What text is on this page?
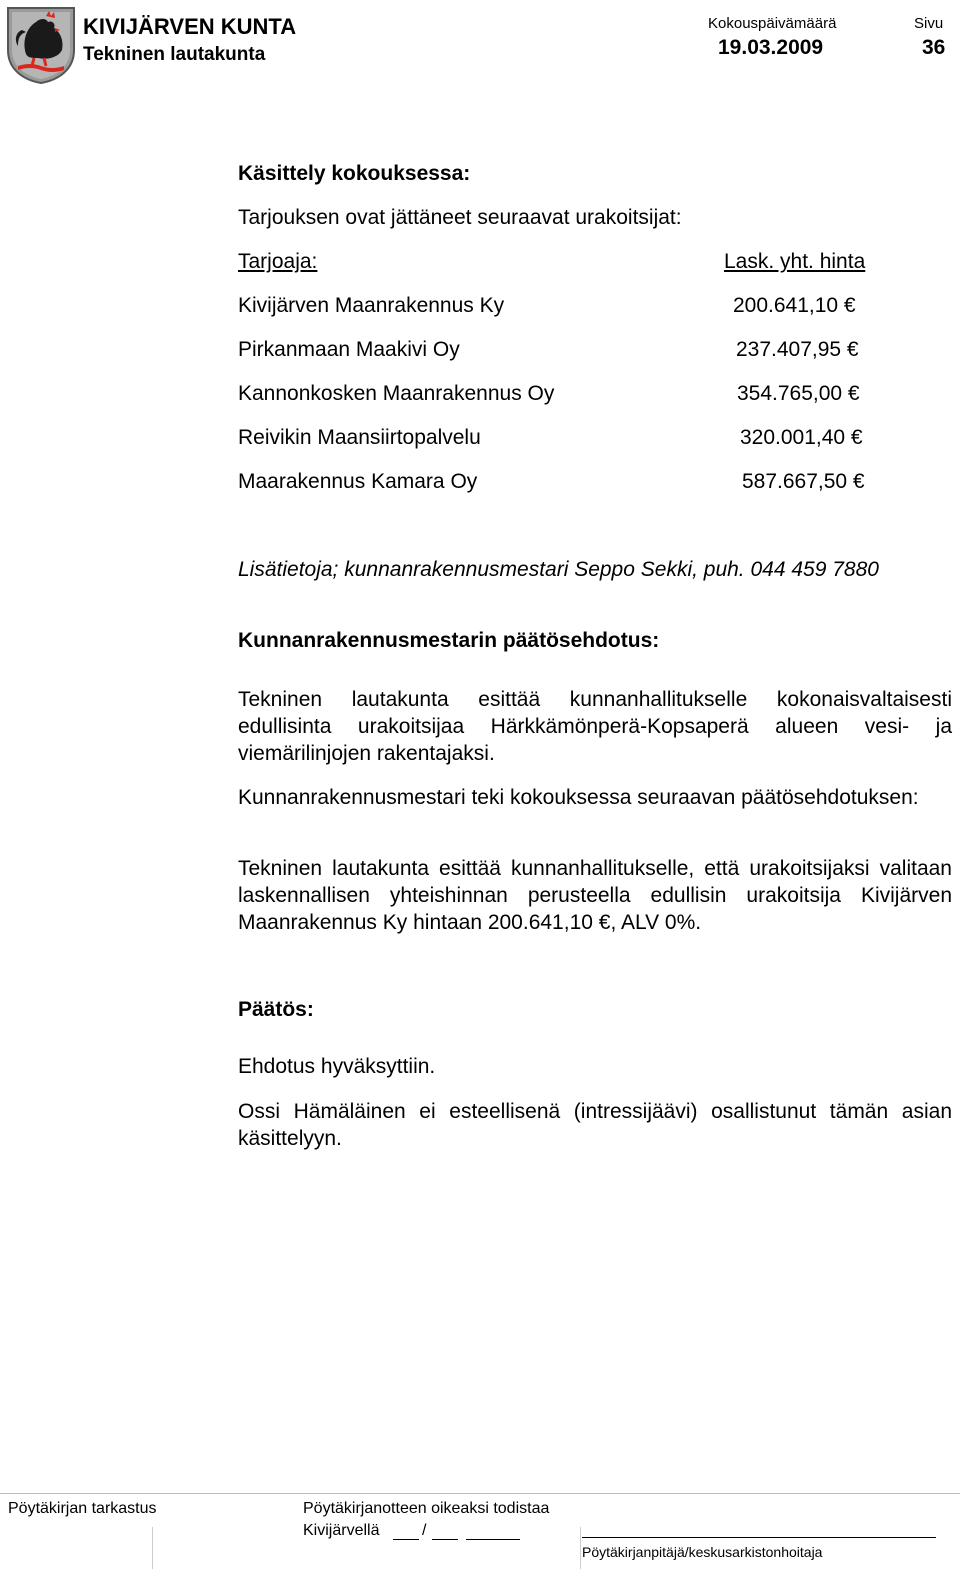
KIVIJÄRVEN KUNTA
Tekninen lautakunta
Kokouspäivämäärä
19.03.2009
Sivu
36
Käsittely kokouksessa:
Tarjouksen ovat jättäneet seuraavat urakoitsijat:
Tarjoaja:	Lask. yht. hinta
Kivijärven Maanrakennus Ky	200.641,10 €
Pirkanmaan Maakivi Oy	237.407,95 €
Kannonkosken Maanrakennus Oy	354.765,00 €
Reivikin Maansiirtopalvelu	320.001,40 €
Maarakennus Kamara Oy	587.667,50 €
Lisätietoja; kunnanrakennusmestari Seppo Sekki, puh. 044 459 7880
Kunnanrakennusmestarin päätösehdotus:
Tekninen lautakunta esittää kunnanhallitukselle kokonaisvaltaisesti edullisinta urakoitsijaa Härkkämönperä-Kopsaperä alueen vesi- ja viemärilinjojen rakentajaksi.
Kunnanrakennusmestari teki kokouksessa seuraavan päätösehdotuksen:
Tekninen lautakunta esittää kunnanhallitukselle, että urakoitsijaksi valitaan laskennallisen yhteishinnan perusteella edullisin urakoitsija Kivijärven Maanrakennus Ky hintaan 200.641,10 €, ALV 0%.
Päätös:
Ehdotus hyväksyttiin.
Ossi Hämäläinen ei esteellisenä (intressijäävi) osallistunut tämän asian käsittelyyn.
Pöytäkirjan tarkastus	Pöytäkirjanotteen oikeaksi todistaa
Kivijärvellä	/
Pöytäkirjanpitäjä/keskusarkistonhoitaja
